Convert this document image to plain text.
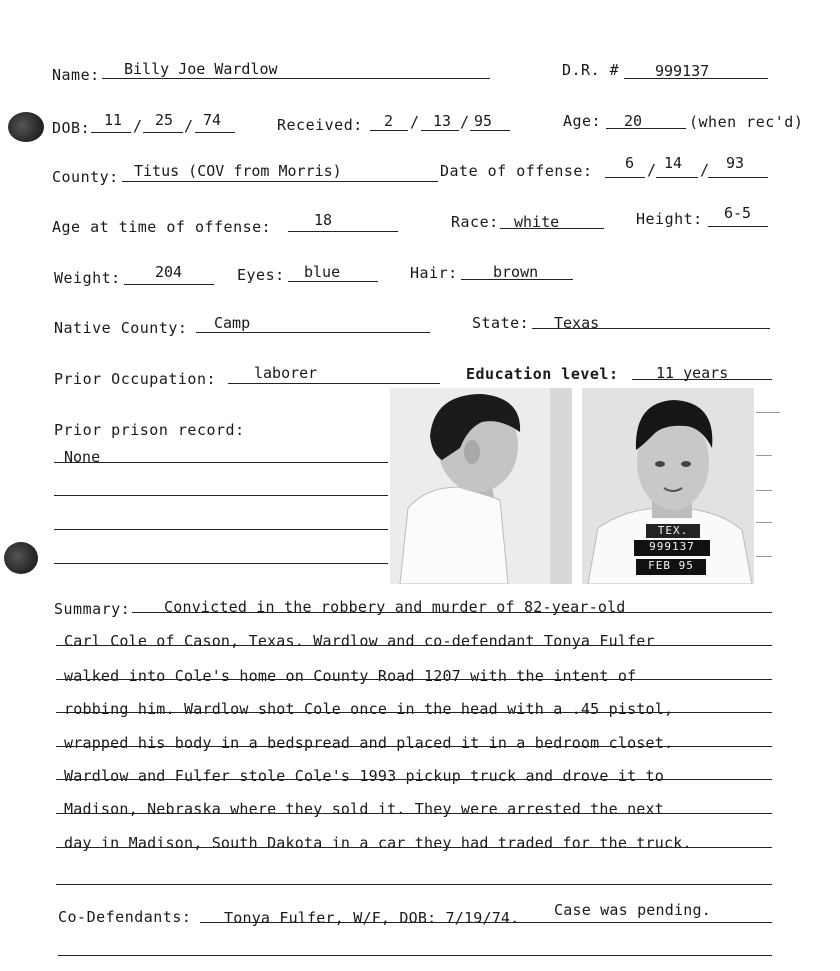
Name: Billy Joe Wardlow	D.R. # 999137
DOB: 11 / 25 / 74	Received: 2 / 13 / 95	Age: 20	(when rec'd)
County: Titus (COV from Morris)	Date of offense: 6 / 14 / 93
Age at time of offense:	18	Race: white	Height: 6-5
Weight: 204	Eyes: blue	Hair: brown
Native County: Camp	State: Texas
Prior Occupation:	laborer	Education level:	11 years
Prior prison record:
None
TEX.
999137
FEB 95
Summary: Convicted in the robbery and murder of 82-year-old
Carl Cole of Cason, Texas. Wardlow and co-defendant Tonya Fulfer
walked into Cole's home on County Road 1207 with the intent of
robbing him. Wardlow shot Cole once in the head with a .45 pistol,
wrapped his body in a bedspread and placed it in a bedroom closet.
Wardlow and Fulfer stole Cole's 1993 pickup truck and drove it to
Madison, Nebraska where they sold it. They were arrested the next
day in Madison, South Dakota in a car they had traded for the truck.
Co-Defendants: Tonya Fulfer, W/F, DOB: 7/19/74. Case was pending.
